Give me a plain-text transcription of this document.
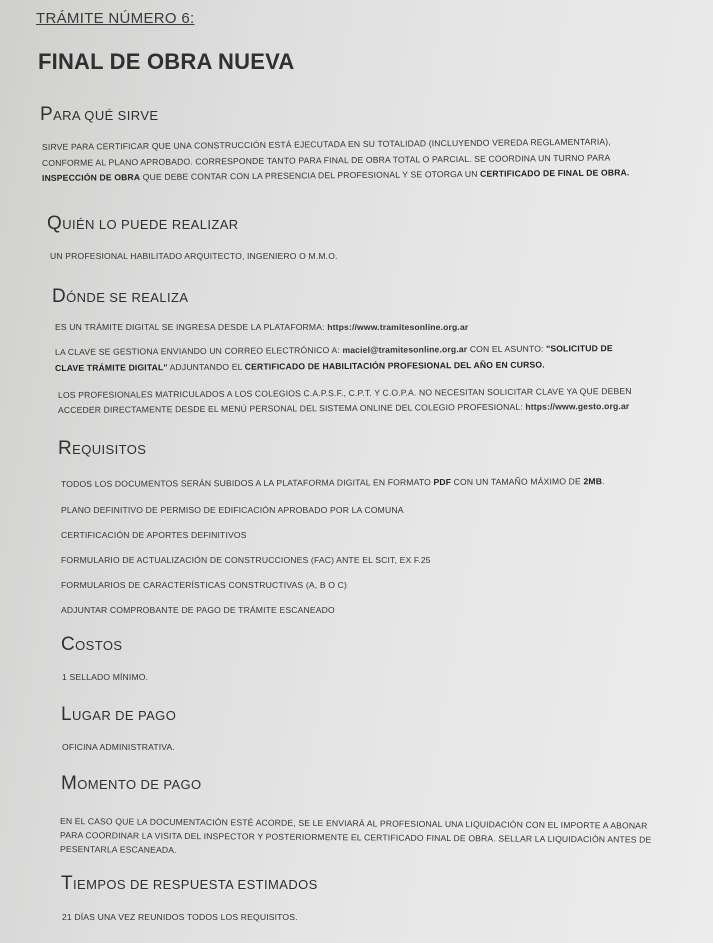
TRÁMITE NÚMERO 6:
FINAL DE OBRA NUEVA
PARA QUÉ SIRVE
SIRVE PARA CERTIFICAR QUE UNA CONSTRUCCIÓN ESTÁ EJECUTADA EN SU TOTALIDAD (INCLUYENDO VEREDA REGLAMENTARIA),
CONFORME AL PLANO APROBADO. CORRESPONDE TANTO PARA FINAL DE OBRA TOTAL O PARCIAL. SE COORDINA UN TURNO PARA
INSPECCIÓN DE OBRA QUE DEBE CONTAR CON LA PRESENCIA DEL PROFESIONAL Y SE OTORGA UN CERTIFICADO DE FINAL DE OBRA.
QUIÉN LO PUEDE REALIZAR
UN PROFESIONAL HABILITADO ARQUITECTO, INGENIERO O M.M.O.
DÓNDE SE REALIZA
ES UN TRÁMITE DIGITAL SE INGRESA DESDE LA PLATAFORMA: https://www.tramitesonline.org.ar
LA CLAVE SE GESTIONA ENVIANDO UN CORREO ELECTRÓNICO A: maciel@tramitesonline.org.ar CON EL ASUNTO: "SOLICITUD DE
CLAVE TRÁMITE DIGITAL" ADJUNTANDO EL CERTIFICADO DE HABILITACIÓN PROFESIONAL DEL AÑO EN CURSO.
LOS PROFESIONALES MATRICULADOS A LOS COLEGIOS C.A.P.S.F., C.P.T. Y C.O.P.A. NO NECESITAN SOLICITAR CLAVE YA QUE DEBEN
ACCEDER DIRECTAMENTE DESDE EL MENÚ PERSONAL DEL SISTEMA ONLINE DEL COLEGIO PROFESIONAL: https://www.gesto.org.ar
REQUISITOS
TODOS LOS DOCUMENTOS SERÁN SUBIDOS A LA PLATAFORMA DIGITAL EN FORMATO PDF CON UN TAMAÑO MÁXIMO DE 2MB.
PLANO DEFINITIVO DE PERMISO DE EDIFICACIÓN APROBADO POR LA COMUNA
CERTIFICACIÓN DE APORTES DEFINITIVOS
FORMULARIO DE ACTUALIZACIÓN DE CONSTRUCCIONES (FAC) ANTE EL SCIT, EX F.25
FORMULARIOS DE CARACTERÍSTICAS CONSTRUCTIVAS (A, B O C)
ADJUNTAR COMPROBANTE DE PAGO DE TRÁMITE ESCANEADO
COSTOS
1 SELLADO MÍNIMO.
LUGAR DE PAGO
OFICINA ADMINISTRATIVA.
MOMENTO DE PAGO
EN EL CASO QUE LA DOCUMENTACIÓN ESTÉ ACORDE, SE LE ENVIARÁ AL PROFESIONAL UNA LIQUIDACIÓN CON EL IMPORTE A ABONAR
PARA COORDINAR LA VISITA DEL INSPECTOR Y POSTERIORMENTE EL CERTIFICADO FINAL DE OBRA. SELLAR LA LIQUIDACIÓN ANTES DE
PESENTARLA ESCANEADA.
TIEMPOS DE RESPUESTA ESTIMADOS
21 DÍAS UNA VEZ REUNIDOS TODOS LOS REQUISITOS.
